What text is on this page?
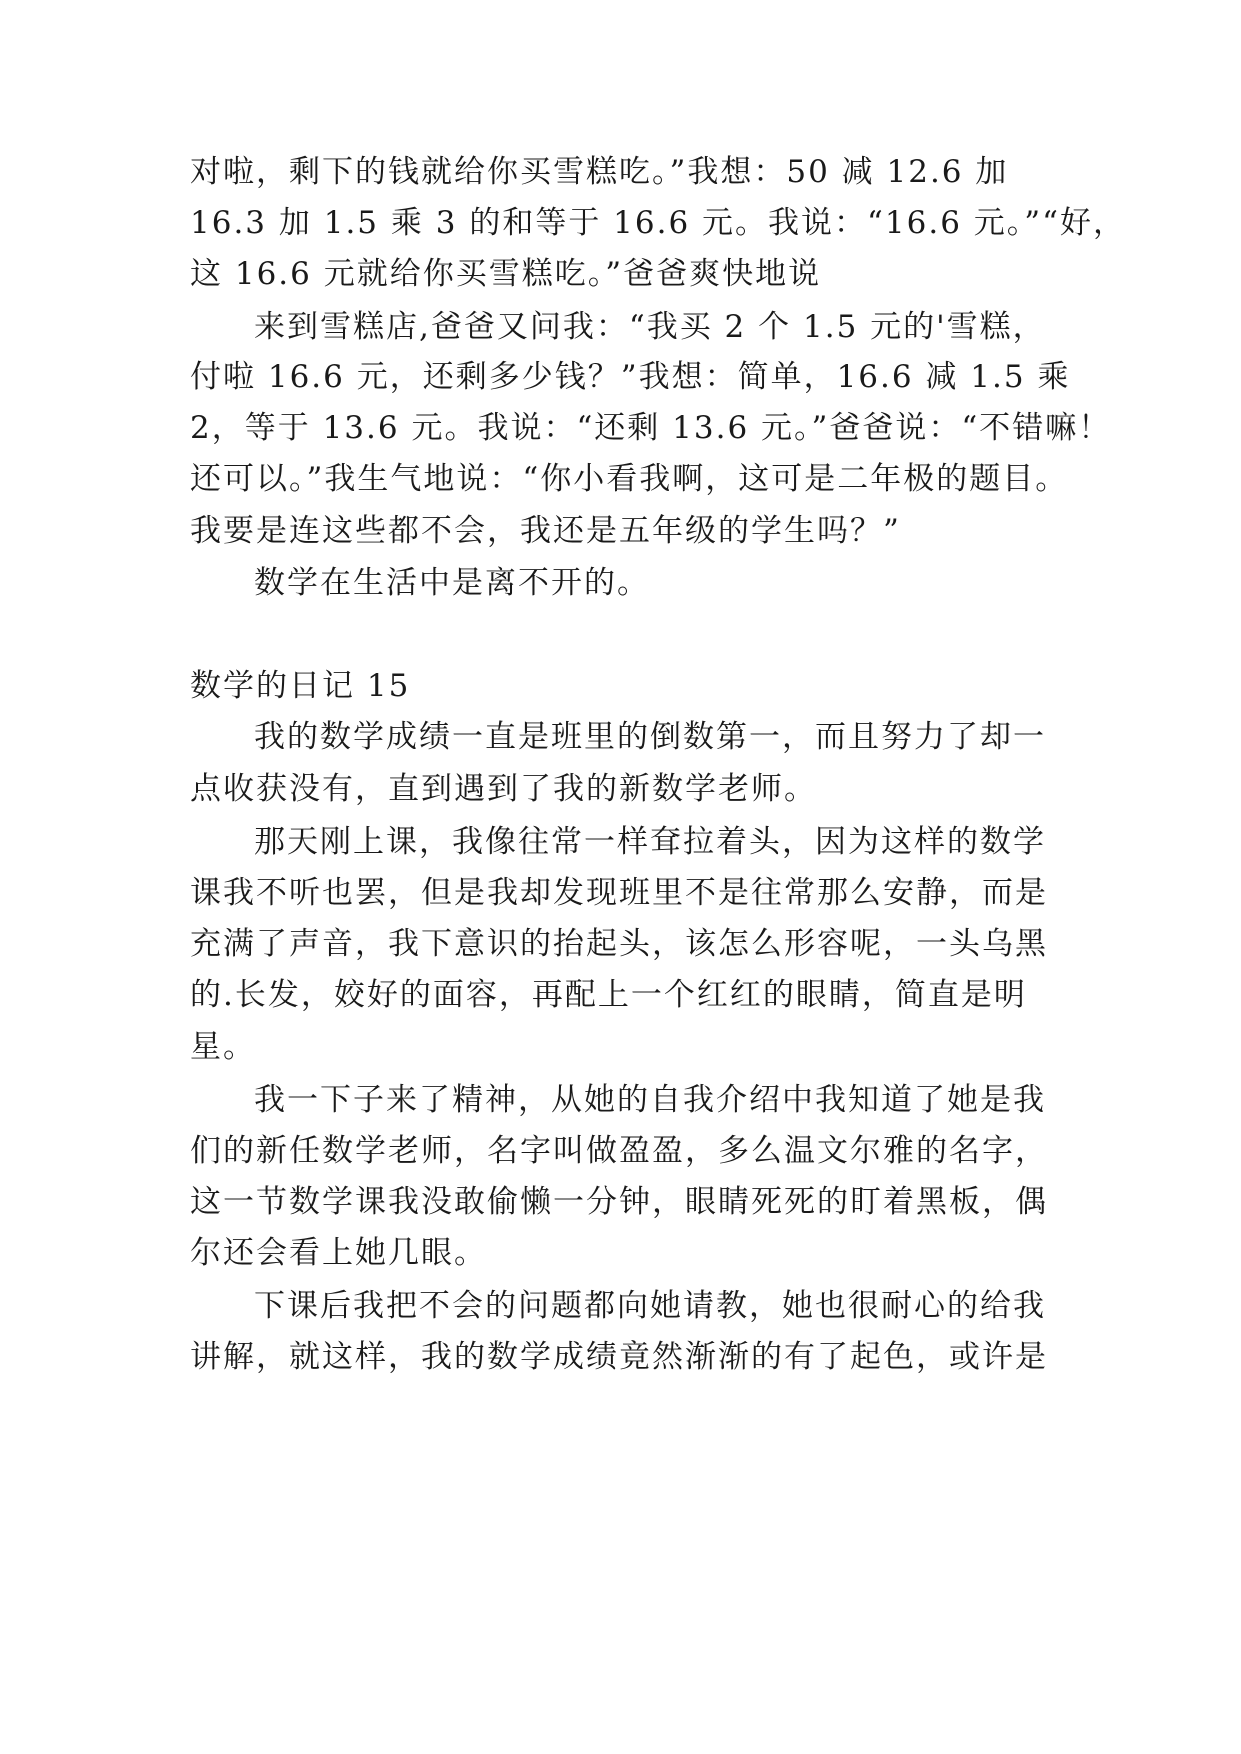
对啦，剩下的钱就给你买雪糕吃。”我想：50 减 12.6 加
16.3 加 1.5 乘 3 的和等于 16.6 元。我说：“16.6 元。”“好，
这 16.6 元就给你买雪糕吃。”爸爸爽快地说
来到雪糕店,爸爸又问我：“我买 2 个 1.5 元的'雪糕，
付啦 16.6 元，还剩多少钱？”我想：简单，16.6 减 1.5 乘
2，等于 13.6 元。我说：“还剩 13.6 元。”爸爸说：“不错嘛！
还可以。”我生气地说：“你小看我啊，这可是二年极的题目。
我要是连这些都不会，我还是五年级的学生吗？”
数学在生活中是离不开的。
数学的日记 15
我的数学成绩一直是班里的倒数第一，而且努力了却一
点收获没有，直到遇到了我的新数学老师。
那天刚上课，我像往常一样耷拉着头，因为这样的数学
课我不听也罢，但是我却发现班里不是往常那么安静，而是
充满了声音，我下意识的抬起头，该怎么形容呢，一头乌黑
的.长发，姣好的面容，再配上一个红红的眼睛，简直是明
星。
我一下子来了精神，从她的自我介绍中我知道了她是我
们的新任数学老师，名字叫做盈盈，多么温文尔雅的名字，
这一节数学课我没敢偷懒一分钟，眼睛死死的盯着黑板，偶
尔还会看上她几眼。
下课后我把不会的问题都向她请教，她也很耐心的给我
讲解，就这样，我的数学成绩竟然渐渐的有了起色，或许是
